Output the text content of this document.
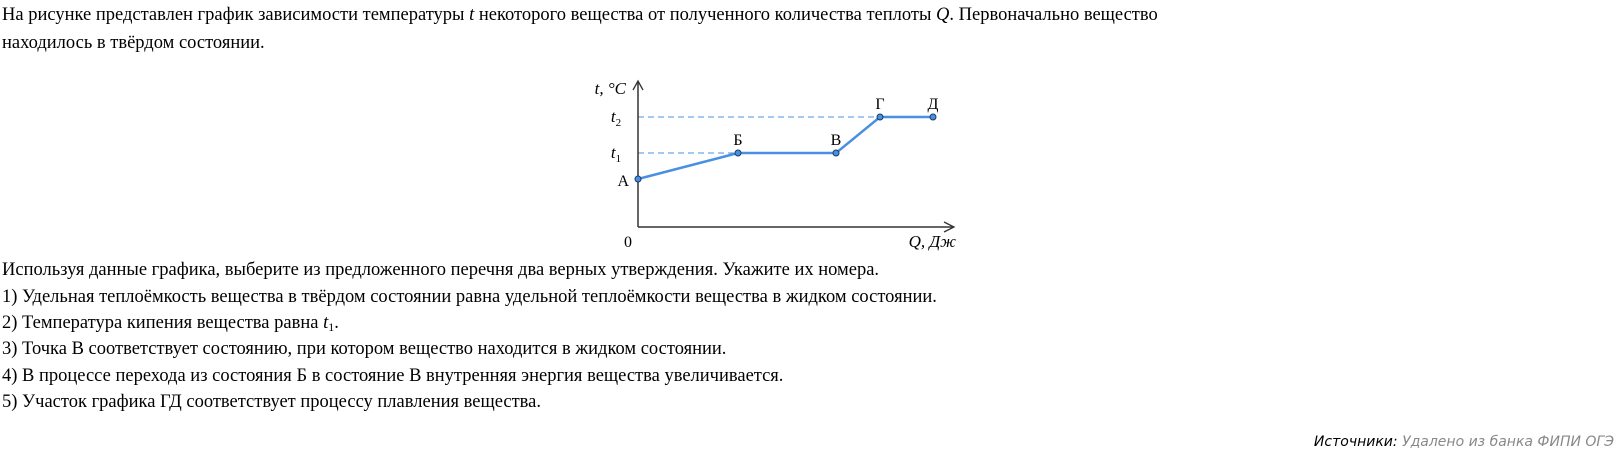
На рисунке представлен график зависимости температуры t некоторого вещества от полученного количества теплоты Q. Первоначально вещество
находилось в твёрдом состоянии.
$t_2$
$t_1$
t, °C
Q, Дж
0
А
Б	В
Г	Д
Используя данные графика, выберите из предложенного перечня два верных утверждения. Укажите их номера.
1) Удельная теплоёмкость вещества в твёрдом состоянии равна удельной теплоёмкости вещества в жидком состоянии.
2) Температура кипения вещества равна $t_1$.
3) Точка В соответствует состоянию, при котором вещество находится в жидком состоянии.
4) В процессе перехода из состояния Б в состояние В внутренняя энергия вещества увеличивается.
5) Участок графика ГД соответствует процессу плавления вещества.
Источники: Удалено из банка ФИПИ ОГЭ
